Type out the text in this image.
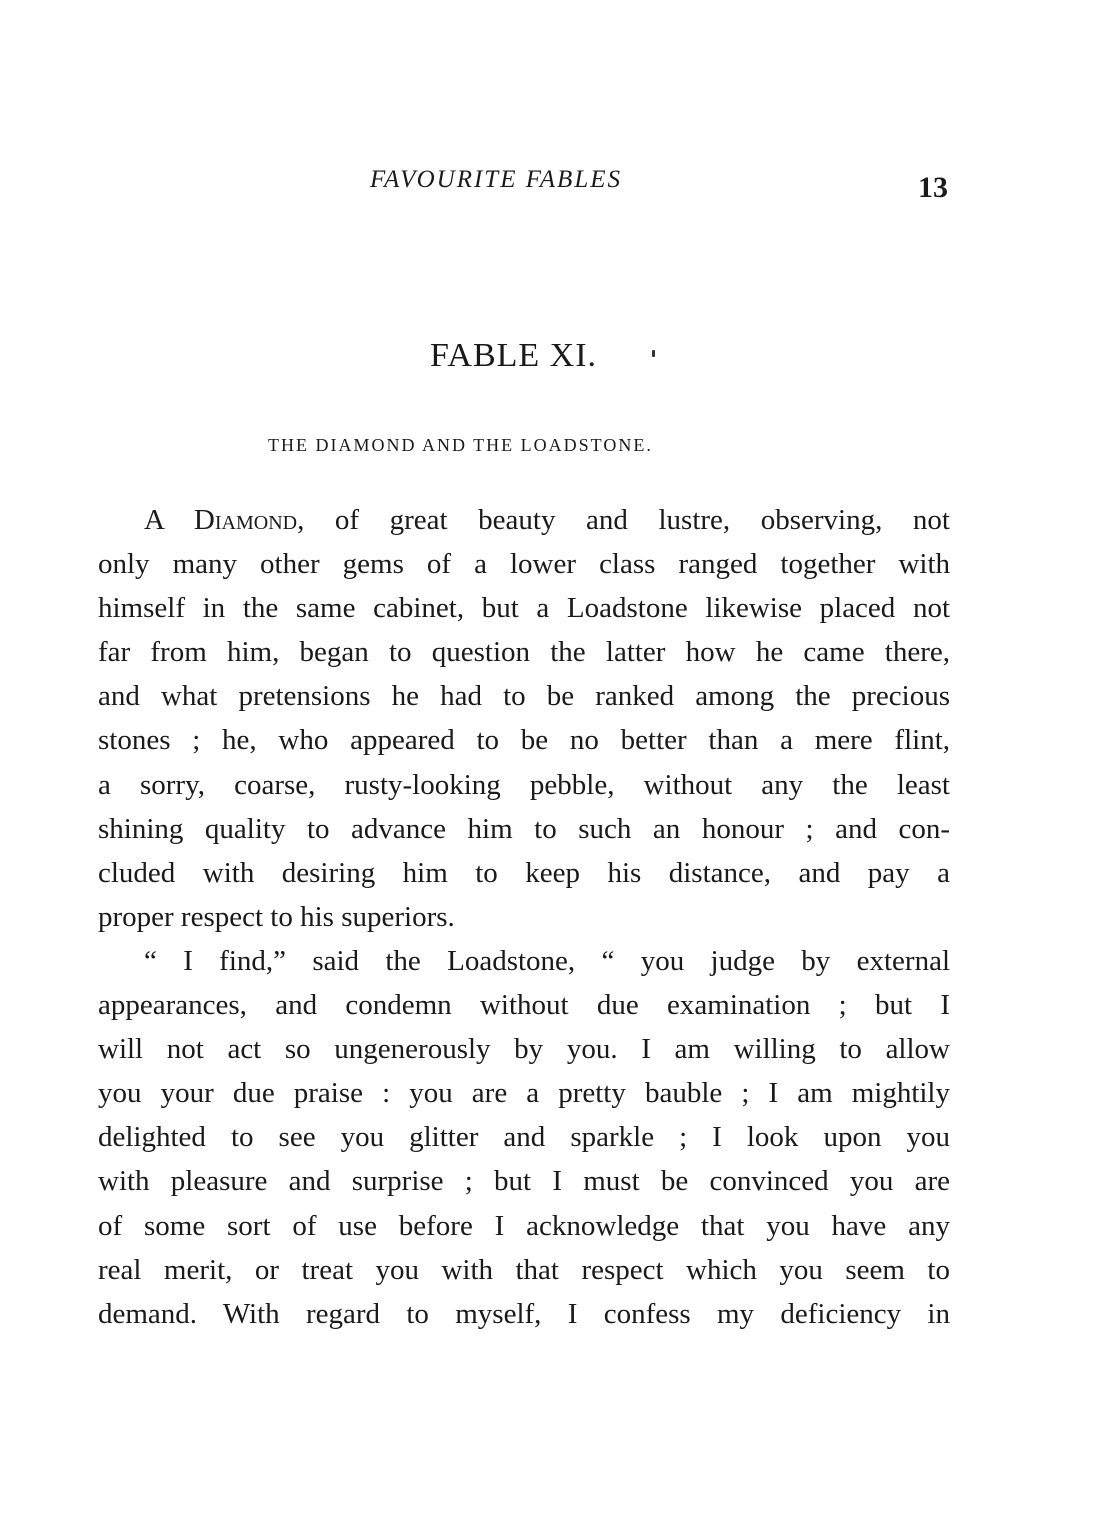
FAVOURITE FABLES	13
FABLE XI.
THE DIAMOND AND THE LOADSTONE.
A Diamond, of great beauty and lustre, observing, not
only many other gems of a lower class ranged together with
himself in the same cabinet, but a Loadstone likewise placed not
far from him, began to question the latter how he came there,
and what pretensions he had to be ranked among the precious
stones ; he, who appeared to be no better than a mere flint,
a sorry, coarse, rusty-looking pebble, without any the least
shining quality to advance him to such an honour ; and con-
cluded with desiring him to keep his distance, and pay a
proper respect to his superiors.
“ I find,” said the Loadstone, “ you judge by external
appearances, and condemn without due examination ; but I
will not act so ungenerously by you. I am willing to allow
you your due praise : you are a pretty bauble ; I am mightily
delighted to see you glitter and sparkle ; I look upon you
with pleasure and surprise ; but I must be convinced you are
of some sort of use before I acknowledge that you have any
real merit, or treat you with that respect which you seem to
demand. With regard to myself, I confess my deficiency in
